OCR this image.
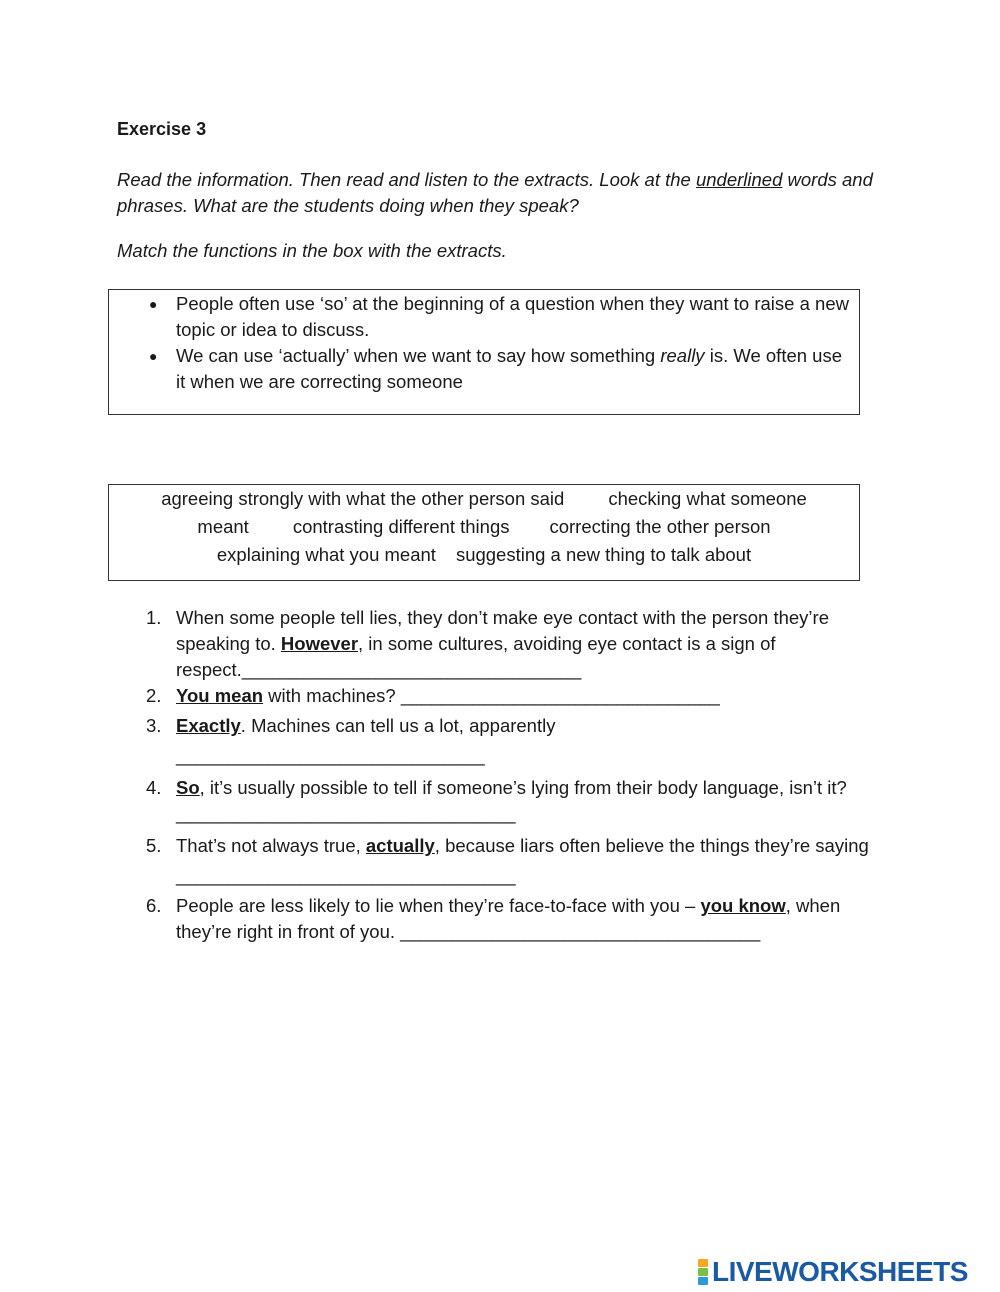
Exercise 3
Read the information. Then read and listen to the extracts. Look at the underlined words and phrases. What are the students doing when they speak?
Match the functions in the box with the extracts.
● People often use ‘so’ at the beginning of a question when they want to raise a new topic or idea to discuss.
● We can use ‘actually’ when we want to say how something really is. We often use it when we are correcting someone
agreeing strongly with what the other person said checking what someone
meant contrasting different things correcting the other person
explaining what you meant suggesting a new thing to talk about
1. When some people tell lies, they don’t make eye contact with the person they’re speaking to. However, in some cultures, avoiding eye contact is a sign of respect._________________________________
2. You mean with machines? _______________________________
3. Exactly. Machines can tell us a lot, apparently
______________________________
4. So, it’s usually possible to tell if someone’s lying from their body language, isn’t it? _________________________________
5. That’s not always true, actually, because liars often believe the things they’re saying _________________________________
6. People are less likely to lie when they’re face-to-face with you – you know, when they’re right in front of you. ___________________________________
LIVEWORKSHEETS
